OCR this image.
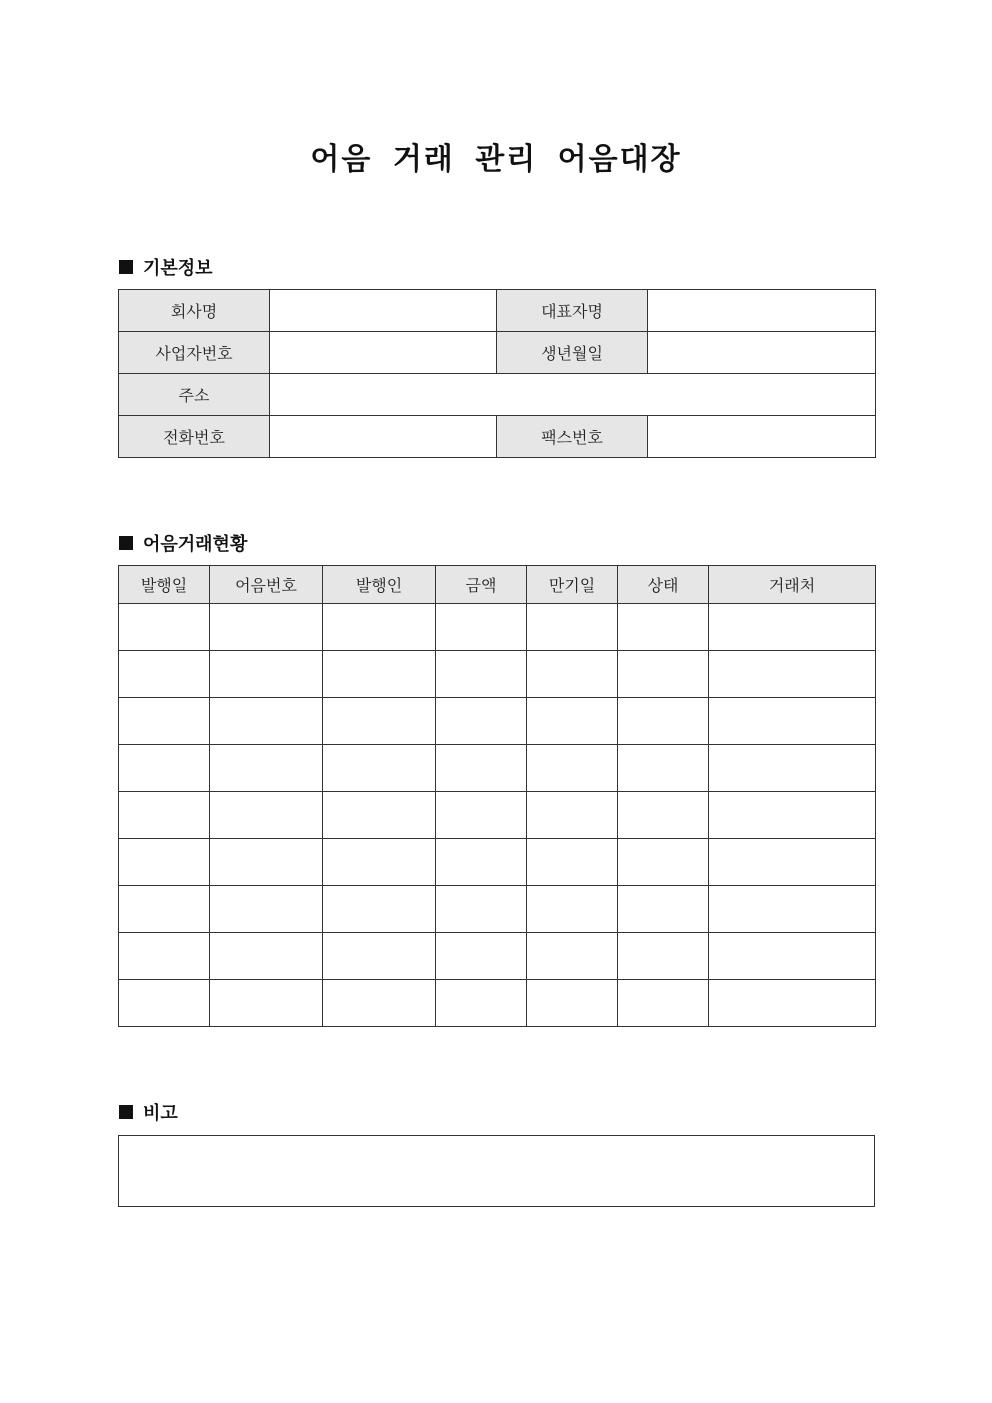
어음 거래 관리 어음대장
기본정보
회사명		대표자명	
사업자번호		생년월일	
주소			
전화번호		팩스번호	
어음거래현황
발행일	어음번호	발행인	금액	만기일	상태	거래처

비고
